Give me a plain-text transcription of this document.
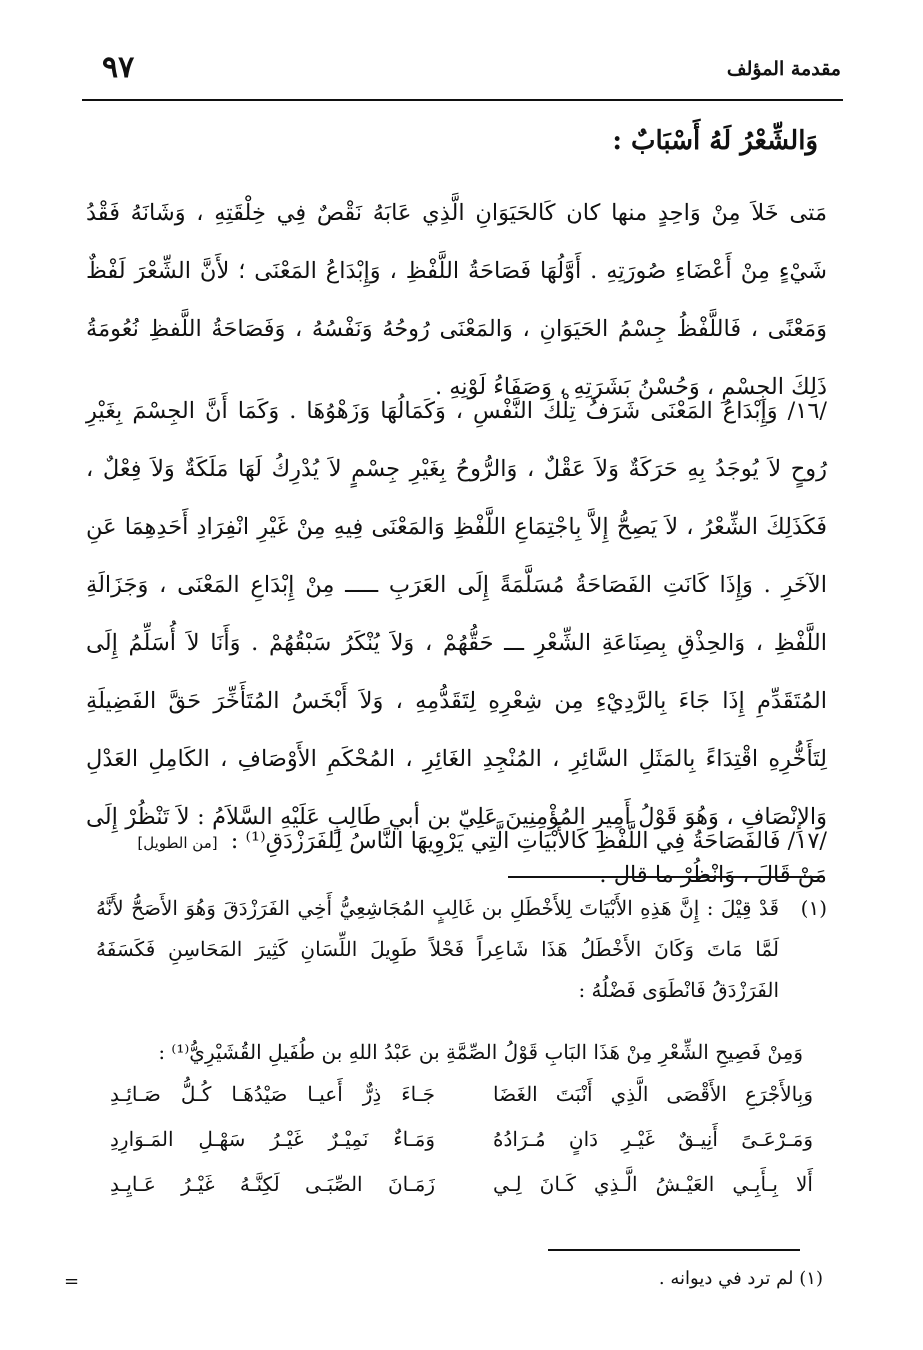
مقدمة المؤلف
٩٧
وَالشِّعْرُ لَهُ أَسْبَابٌ :
مَتى خَلاَ مِنْ وَاحِدٍ منها كان كَالحَيَوَانِ الَّذِي عَابَهُ نَقْصٌ فِي خِلْقَتِهِ ، وَشَانَهُ فَقْدُ شَيْءٍ مِنْ أَعْضَاءِ صُورَتِهِ . أَوَّلُهَا فَصَاحَةُ اللَّفْظِ ، وَإِبْدَاعُ المَعْنَى ؛ لأَنَّ الشِّعْرَ لَفْظٌ وَمَعْنًى ، فَاللَّفْظُ جِسْمُ الحَيَوَانِ ، وَالمَعْنَى رُوحُهُ وَنَفْسُهُ ، وَفَصَاحَةُ اللَّفظِ نُعُومَةُ ذَلِكَ الجِسْمِ ، وَحُسْنُ بَشَرَتِهِ ، وَصَفَاءُ لَوْنِهِ .
/١٦/ وَإِبْدَاعُ المَعْنَى شَرَفُ تِلْكَ النَّفْسِ ، وَكَمَالُهَا وَزَهْوُهَا . وَكَمَا أَنَّ الجِسْمَ بِغَيْرِ رُوحٍ لاَ يُوجَدُ بِهِ حَرَكَةٌ وَلاَ عَقْلٌ ، وَالرُّوحُ بِغَيْرِ جِسْمٍ لاَ يُدْرِكُ لَهَا مَلَكَةٌ وَلاَ فِعْلٌ ، فَكَذَلِكَ الشِّعْرُ ، لاَ يَصِحُّ إِلاَّ بِاجْتِمَاعِ اللَّفْظِ وَالمَعْنَى فِيهِ مِنْ غَيْرِ انْفِرَادِ أَحَدِهِمَا عَنِ الآخَرِ . وَإِذَا كَانَتِ الفَصَاحَةُ مُسَلَّمَةً إِلَى العَرَبِ ـــــ مِنْ إِبْدَاعِ المَعْنَى ، وَجَزَالَةِ اللَّفْظِ ، وَالحِذْقِ بِصِنَاعَةِ الشِّعْرِ ـــ حَقُّهُمْ ، وَلاَ يُنْكَرُ سَبْقُهُمْ . وَأَنَا لاَ أُسَلِّمُ إِلَى المُتَقَدِّمِ إِذَا جَاءَ بِالرَّدِيْءِ مِن شِعْرِهِ لِتَقَدُّمِهِ ، وَلاَ أَبْخَسُ المُتَأَخِّرَ حَقَّ الفَضِيلَةِ لِتَأَخُّرِهِ اقْتِدَاءً بِالمَثَلِ السَّائِرِ ، المُنْجِدِ الغَائِرِ ، المُحْكَمِ الأَوْصَافِ ، الكَامِلِ العَدْلِ وَالإِنْصَافِ ، وَهُوَ قَوْلُ أَمِيرِ المُؤْمِنِينَ عَلِيّ بن أبي طَالِبٍ عَلَيْهِ السَّلاَمُ : لاَ تَنْظُرْ إِلَى مَنْ قَالَ ، وَانْظُرْ ما قال .
/١٧/ فَالفَصَاحَةُ فِي اللَّفْظِ كَالأَبْيَاتِ الَّتِي يَرْوِيهَا النَّاسُ لِلفَرَزْدَقِ⁽¹⁾ : [من الطويل]
(١)
قَدْ قِيْلَ : إِنَّ هَذِهِ الأَبْيَاتَ لِلأَخْطَلِ بن غَالِبٍ المُجَاشِعِيُّ أَخِي الفَرَزْدَقَ وَهُوَ الأَصَحُّ لأَنَّهُ لَمَّا مَاتَ وَكَانَ الأَخْطَلُ هَذَا شَاعِراً فَحْلاً طَوِيلَ اللِّسَانِ كَثِيرَ المَحَاسِنِ فَكَسَفَهُ الفَرَزْدَقُ فَانْطَوَى فَضْلُهُ :
وَمِنْ فَصِيحِ الشِّعْرِ مِنْ هَذَا البَابِ قَوْلُ الصِّمَّةِ بن عَبْدُ اللهِ بن طُفَيلِ القُشَيْرِيُّ⁽¹⁾ :
وَبِالأَجْرَعِ الأَقْصَى الَّذِي أَنْبَتَ الغَضَا
جَـاءَ ذِرٌّ أَعيـا صَيْدُهَـا كُـلُّ صَـائِـدِ
وَمَـرْعَـىً أَنِيـقٌ غَيْـرِ دَانٍ مُـرَادُهُ
وَمَـاءٌ نَمِيْـرٌ غَيْـرُ سَهْـلِ المَـوَارِدِ
أَلا بِـأَبِـي العَيْـشُ الَّـذِي كَـانَ لِـي
زَمَـانَ الصِّبَـى لَكِنَّـهُ غَيْـرُ عَـايِـدِ
(١) لم ترد في ديوانه .
=
